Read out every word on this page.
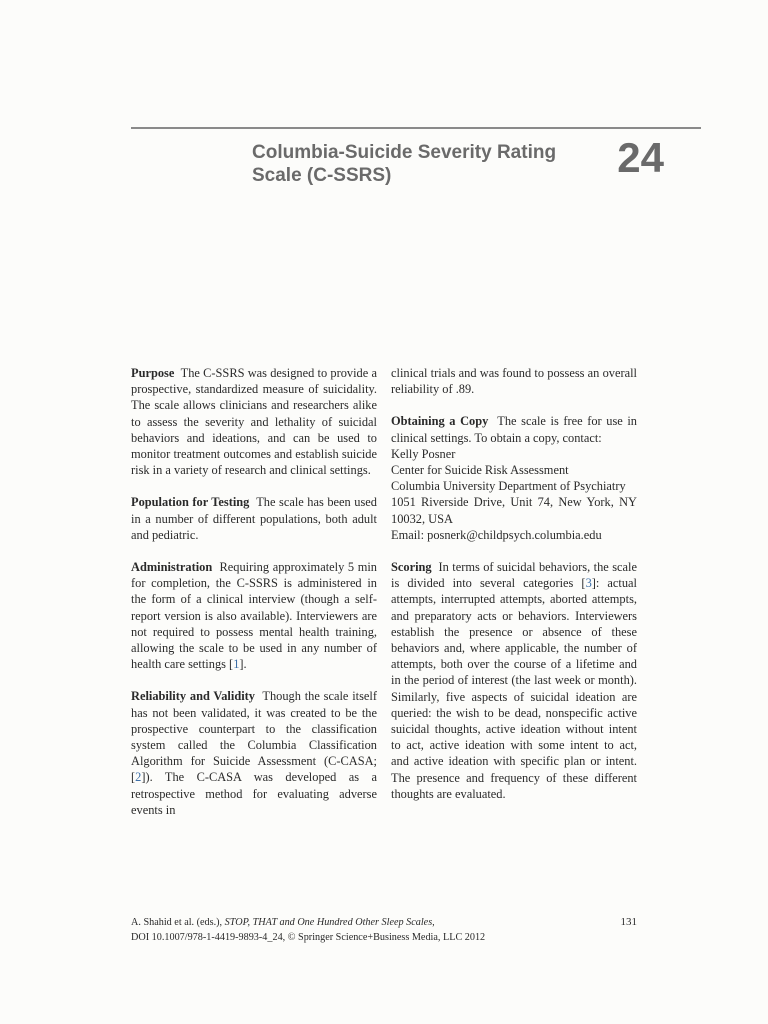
Columbia-Suicide Severity Rating
Scale (C-SSRS)	24

Purpose The C-SSRS was designed to provide a prospective, standardized measure of suicidality. The scale allows clinicians and researchers alike to assess the severity and lethality of suicidal behaviors and ideations, and can be used to monitor treatment outcomes and establish suicide risk in a variety of research and clinical settings.

Population for Testing The scale has been used in a number of different populations, both adult and pediatric.

Administration Requiring approximately 5 min for completion, the C-SSRS is administered in the form of a clinical interview (though a self-report version is also available). Interviewers are not required to possess mental health training, allowing the scale to be used in any number of health care settings [1].

Reliability and Validity Though the scale itself has not been validated, it was created to be the prospective counterpart to the classification system called the Columbia Classification Algorithm for Suicide Assessment (C-CASA; [2]). The C-CASA was developed as a retrospective method for evaluating adverse events in

clinical trials and was found to possess an overall reliability of .89.

Obtaining a Copy The scale is free for use in clinical settings. To obtain a copy, contact:
Kelly Posner
Center for Suicide Risk Assessment
Columbia University Department of Psychiatry
1051 Riverside Drive, Unit 74, New York, NY 10032, USA
Email: posnerk@childpsych.columbia.edu

Scoring In terms of suicidal behaviors, the scale is divided into several categories [3]: actual attempts, interrupted attempts, aborted attempts, and preparatory acts or behaviors. Interviewers establish the presence or absence of these behaviors and, where applicable, the number of attempts, both over the course of a lifetime and in the period of interest (the last week or month). Similarly, five aspects of suicidal ideation are queried: the wish to be dead, nonspecific active suicidal thoughts, active ideation without intent to act, active ideation with some intent to act, and active ideation with specific plan or intent. The presence and frequency of these different thoughts are evaluated.

A. Shahid et al. (eds.), STOP, THAT and One Hundred Other Sleep Scales,
DOI 10.1007/978-1-4419-9893-4_24, © Springer Science+Business Media, LLC 2012
131
